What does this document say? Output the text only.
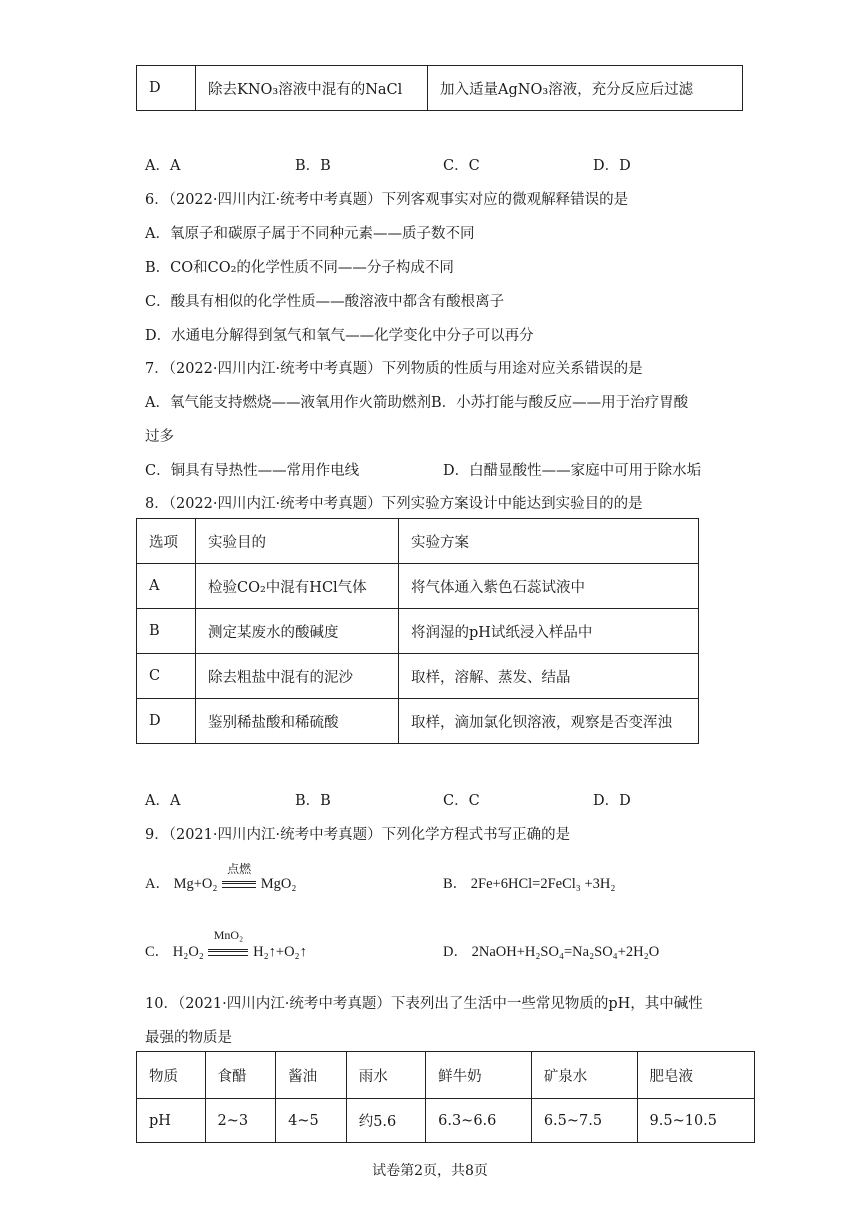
D	除去KNO₃溶液中混有的NaCl	加入适量AgNO₃溶液，充分反应后过滤
A．A	B．B	C．C	D．D
6．（2022·四川内江·统考中考真题）下列客观事实对应的微观解释错误的是
A．氧原子和碳原子属于不同种元素——质子数不同
B．CO和CO₂的化学性质不同——分子构成不同
C．酸具有相似的化学性质——酸溶液中都含有酸根离子
D．水通电分解得到氢气和氧气——化学变化中分子可以再分
7．（2022·四川内江·统考中考真题）下列物质的性质与用途对应关系错误的是
A．氧气能支持燃烧——液氧用作火箭助燃剂B．小苏打能与酸反应——用于治疗胃酸
过多
C．铜具有导热性——常用作电线	D．白醋显酸性——家庭中可用于除水垢
8．（2022·四川内江·统考中考真题）下列实验方案设计中能达到实验目的的是
选项	实验目的	实验方案
A	检验CO₂中混有HCl气体	将气体通入紫色石蕊试液中
B	测定某废水的酸碱度	将润湿的pH试纸浸入样品中
C	除去粗盐中混有的泥沙	取样，溶解、蒸发、结晶
D	鉴别稀盐酸和稀硫酸	取样，滴加氯化钡溶液，观察是否变浑浊
A．A	B．B	C．C	D．D
9．（2021·四川内江·统考中考真题）下列化学方程式书写正确的是
A． Mg+O₂
点燃
MgO₂	B． 2Fe+6HCl=2FeCl₃ +3H₂
C． H₂O₂
MnO₂
H₂↑+O₂↑	D． 2NaOH+H₂SO₄=Na₂SO₄+2H₂O
10．（2021·四川内江·统考中考真题）下表列出了生活中一些常见物质的pH，其中碱性
最强的物质是
物质	食醋	酱油	雨水	鲜牛奶	矿泉水	肥皂液
pH	2~3	4~5	约5.6	6.3~6.6	6.5~7.5	9.5~10.5
试卷第2页，共8页
